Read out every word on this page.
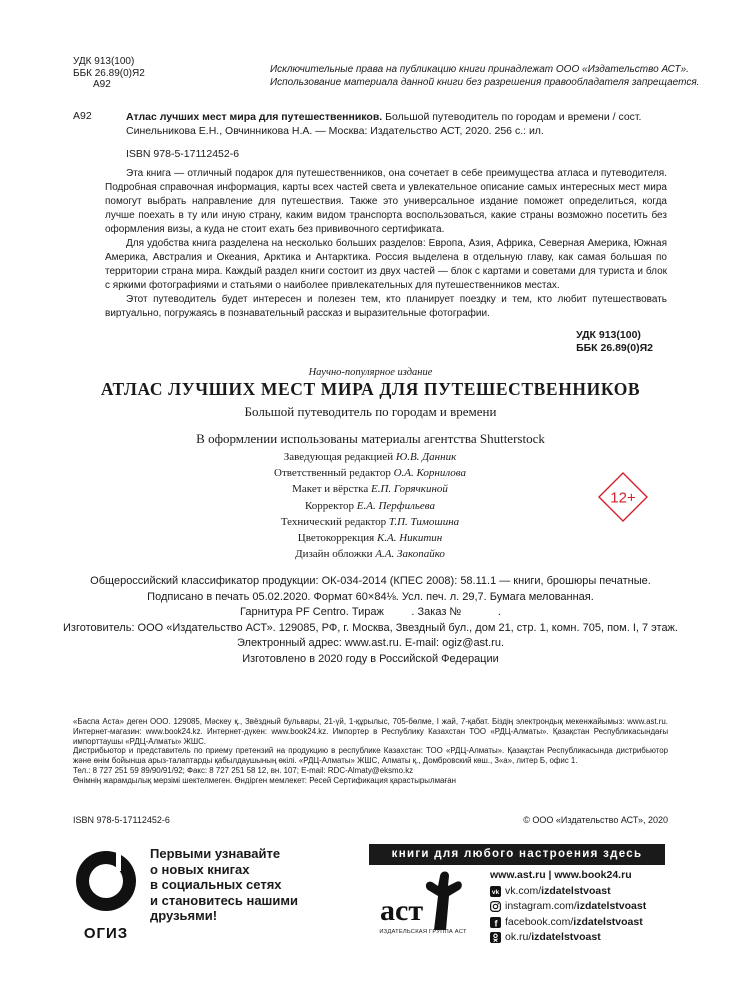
УДК 913(100)
ББК 26.89(0)Я2
А92
Исключительные права на публикацию книги принадлежат ООО «Издательство АСТ».
Использование материала данной книги без разрешения правообладателя запрещается.
А92	Атлас лучших мест мира для путешественников. Большой путеводитель по городам и времени / сост. Синельникова Е.Н., Овчинникова Н.А. — Москва: Издательство АСТ, 2020. 256 с.: ил.
ISBN 978-5-17112452-6

Эта книга — отличный подарок для путешественников, она сочетает в себе преимущества атласа и путеводителя. Подробная справочная информация, карты всех частей света и увлекательное описание самых интересных мест мира помогут выбрать направление для путешествия. Также это универсальное издание поможет определиться, когда лучше поехать в ту или иную страну, каким видом транспорта воспользоваться, какие страны возможно посетить без оформления визы, а куда не стоит ехать без прививочного сертификата.

Для удобства книга разделена на несколько больших разделов: Европа, Азия, Африка, Северная Америка, Южная Америка, Австралия и Океания, Арктика и Антарктика. Россия выделена в отдельную главу, как самая большая по территории страна мира. Каждый раздел книги состоит из двух частей — блок с картами и советами для туриста и блок с яркими фотографиями и статьями о наиболее привлекательных для путешественников местах.

Этот путеводитель будет интересен и полезен тем, кто планирует поездку и тем, кто любит путешествовать виртуально, погружаясь в познавательный рассказ и выразительные фотографии.

УДК 913(100)
ББК 26.89(0)Я2
Научно-популярное издание
АТЛАС ЛУЧШИХ МЕСТ МИРА ДЛЯ ПУТЕШЕСТВЕННИКОВ
Большой путеводитель по городам и времени
В оформлении использованы материалы агентства Shutterstock
Заведующая редакцией Ю.В. Данник
Ответственный редактор О.А. Корнилова
Макет и вёрстка Е.П. Горячкиной
Корректор Е.А. Перфильева
Технический редактор Т.П. Тимошина
Цветокоррекция К.А. Никитин
Дизайн обложки А.А. Закопайко
12+
Общероссийский классификатор продукции: ОК-034-2014 (КПЕС 2008): 58.11.1 — книги, брошюры печатные.
Подписано в печать 05.02.2020. Формат 60×84⅛. Усл. печ. л. 29,7. Бумага мелованная.
Гарнитура PF Centro. Тираж         . Заказ №            .
Изготовитель: ООО «Издательство АСТ». 129085, РФ, г. Москва, Звездный бул., дом 21, стр. 1, комн. 705, пом. I, 7 этаж.
Электронный адрес: www.ast.ru. E-mail: ogiz@ast.ru.
Изготовлено в 2020 году в Российской Федерации

«Баспа Аста» деген ООО. 129085, Мәскеу қ., Звёздный бульвары, 21-үй, 1-құрылыс, 705-бөлме, I жай, 7-қабат. Біздің электрондық мекенжайымыз: www.ast.ru. Интернет-магазин: www.book24.kz. Интернет-дүкен: www.book24.kz. Импортер в Республику Казахстан ТОО «РДЦ-Алматы». Қазақстан Республикасындағы импорттаушы «РДЦ-Алматы» ЖШС.

Дистрибьютор и представитель по приему претензий на продукцию в республике Казахстан: ТОО «РДЦ-Алматы». Қазақстан Республикасында дистрибьютор және өнім бойынша арыз-талаптарды қабылдаушының өкілі. «РДЦ-Алматы» ЖШС, Алматы қ., Домбровский көш., 3«а», литер Б, офис 1.

Тел.: 8 727 251 59 89/90/91/92; Факс: 8 727 251 58 12, вн. 107; E-mail: RDC-Almaty@eksmo.kz

Өнімнің жарамдылық мерзімі шектелмеген. Өндірген мемлекет: Ресей Сертификация қарастырылмаған

ISBN 978-5-17112452-6	© ООО «Издательство АСТ», 2020
ОГИЗ
Первыми узнавайте
о новых книгах
в социальных сетях
и становитесь нашими
друзьями!
книги для любого настроения здесь
аст
ИЗДАТЕЛЬСКАЯ ГРУППА АСТ
www.ast.ru | www.book24.ru
vk vk.com/ izdatelstvoast
instagram.com/ izdatelstvoast
f facebook.com/ izdatelstvoast
ok.ru/ izdatelstvoast
